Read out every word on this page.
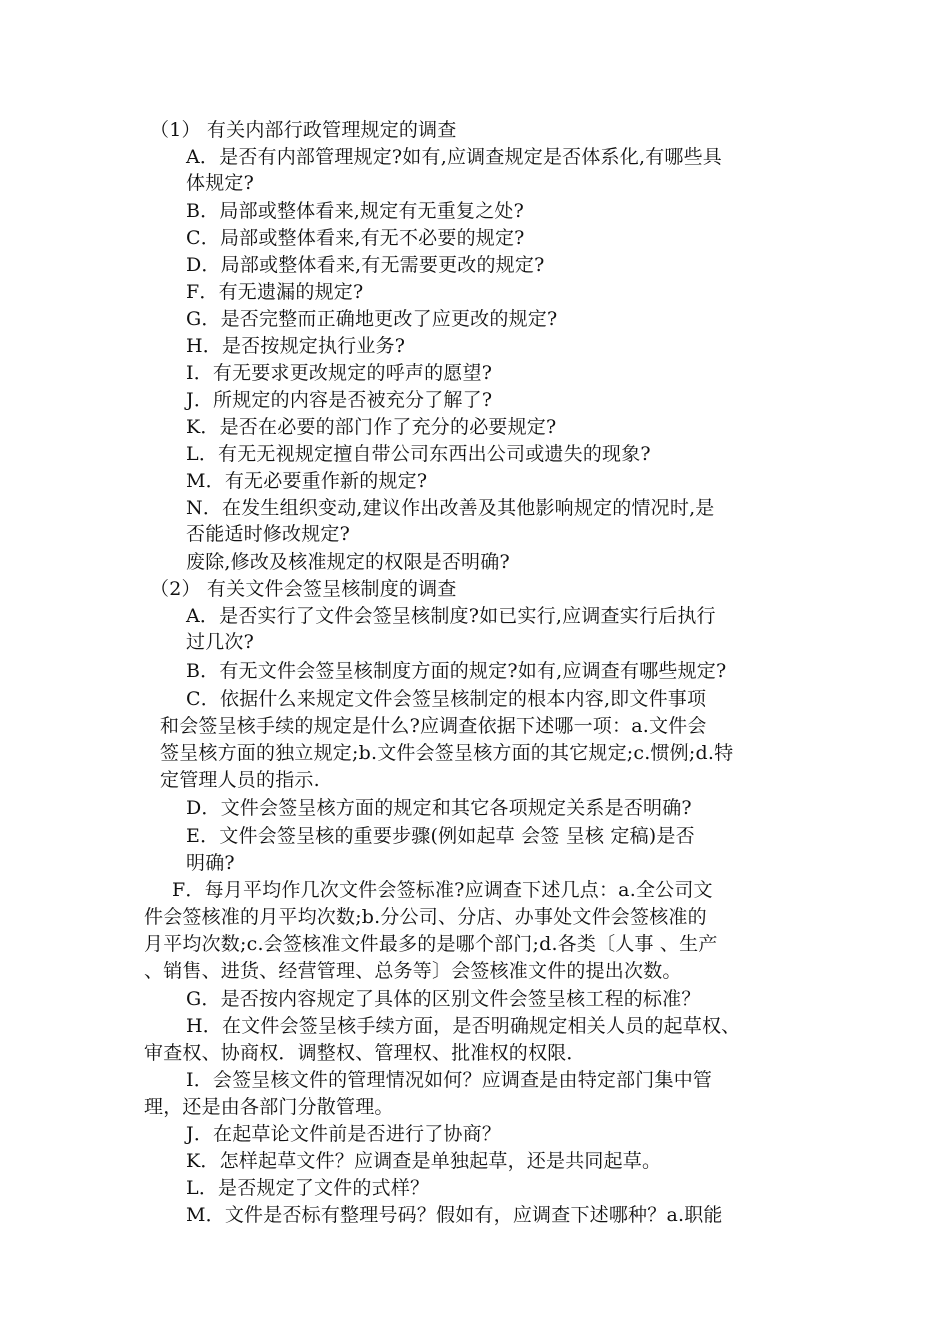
（1） 有关内部行政管理规定的调查
A．是否有内部管理规定?如有,应调查规定是否体系化,有哪些具
体规定?
B．局部或整体看来,规定有无重复之处?
C．局部或整体看来,有无不必要的规定?
D．局部或整体看来,有无需要更改的规定?
F．有无遗漏的规定?
G．是否完整而正确地更改了应更改的规定?
H．是否按规定执行业务?
I．有无要求更改规定的呼声的愿望?
J．所规定的内容是否被充分了解了?
K．是否在必要的部门作了充分的必要规定?
L．有无无视规定擅自带公司东西出公司或遗失的现象?
M．有无必要重作新的规定?
N．在发生组织变动,建议作出改善及其他影响规定的情况时,是
否能适时修改规定?
废除,修改及核准规定的权限是否明确?
（2） 有关文件会签呈核制度的调查
A．是否实行了文件会签呈核制度?如已实行,应调查实行后执行
过几次?
B．有无文件会签呈核制度方面的规定?如有,应调查有哪些规定?
C．依据什么来规定文件会签呈核制定的根本内容,即文件事项
和会签呈核手续的规定是什么?应调查依据下述哪一项：a.文件会
签呈核方面的独立规定;b.文件会签呈核方面的其它规定;c.惯例;d.特
定管理人员的指示.
D．文件会签呈核方面的规定和其它各项规定关系是否明确?
E．文件会签呈核的重要步骤(例如起草 会签 呈核 定稿)是否
明确?
F．每月平均作几次文件会签标准?应调查下述几点：a.全公司文
件会签核准的月平均次数;b.分公司、分店、办事处文件会签核准的
月平均次数;c.会签核准文件最多的是哪个部门;d.各类〔人事 、生产
、销售、进货、经营管理、总务等〕会签核准文件的提出次数。
G．是否按内容规定了具体的区别文件会签呈核工程的标准？
H．在文件会签呈核手续方面，是否明确规定相关人员的起草权、
审查权、协商权．调整权、管理权、批准权的权限．
I．会签呈核文件的管理情况如何？应调查是由特定部门集中管
理，还是由各部门分散管理。
J．在起草论文件前是否进行了协商？
K．怎样起草文件？应调查是单独起草，还是共同起草。
L．是否规定了文件的式样？
M．文件是否标有整理号码？假如有，应调查下述哪种？a.职能
